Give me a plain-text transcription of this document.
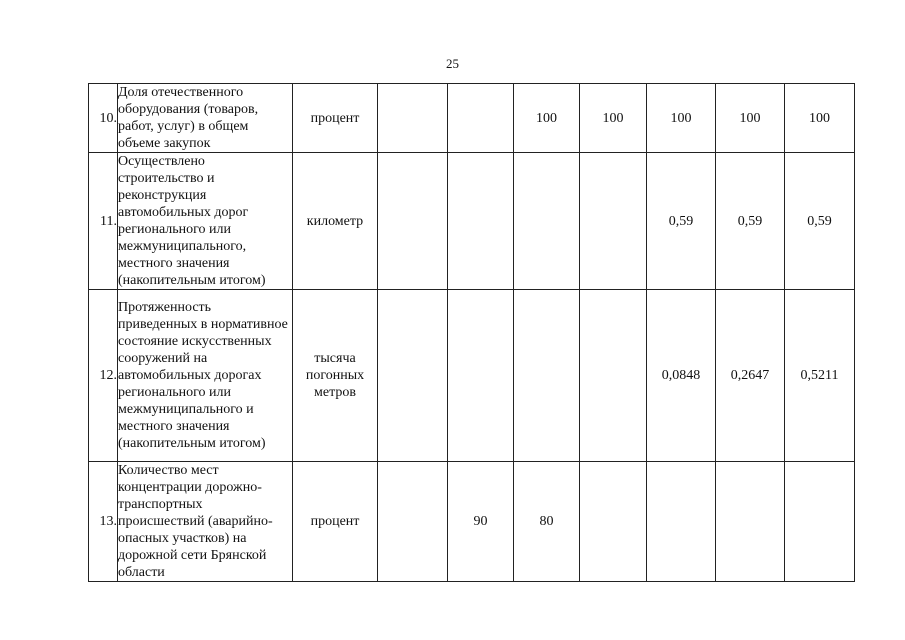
25
10.	Доля отечественного оборудования (товаров, работ, услуг) в общем объеме закупок	процент			100	100	100	100	100
11.	Осуществлено строительство и реконструкция автомобильных дорог регионального или межмуниципального, местного значения (накопительным итогом)	километр					0,59	0,59	0,59
12.	Протяженность приведенных в нормативное состояние искусственных сооружений на автомобильных дорогах регионального или межмуниципального и местного значения (накопительным итогом)	тысяча погонных метров					0,0848	0,2647	0,5211
13.	Количество мест концентрации дорожно-транспортных происшествий (аварийно-опасных участков) на дорожной сети Брянской области	процент		90	80				
